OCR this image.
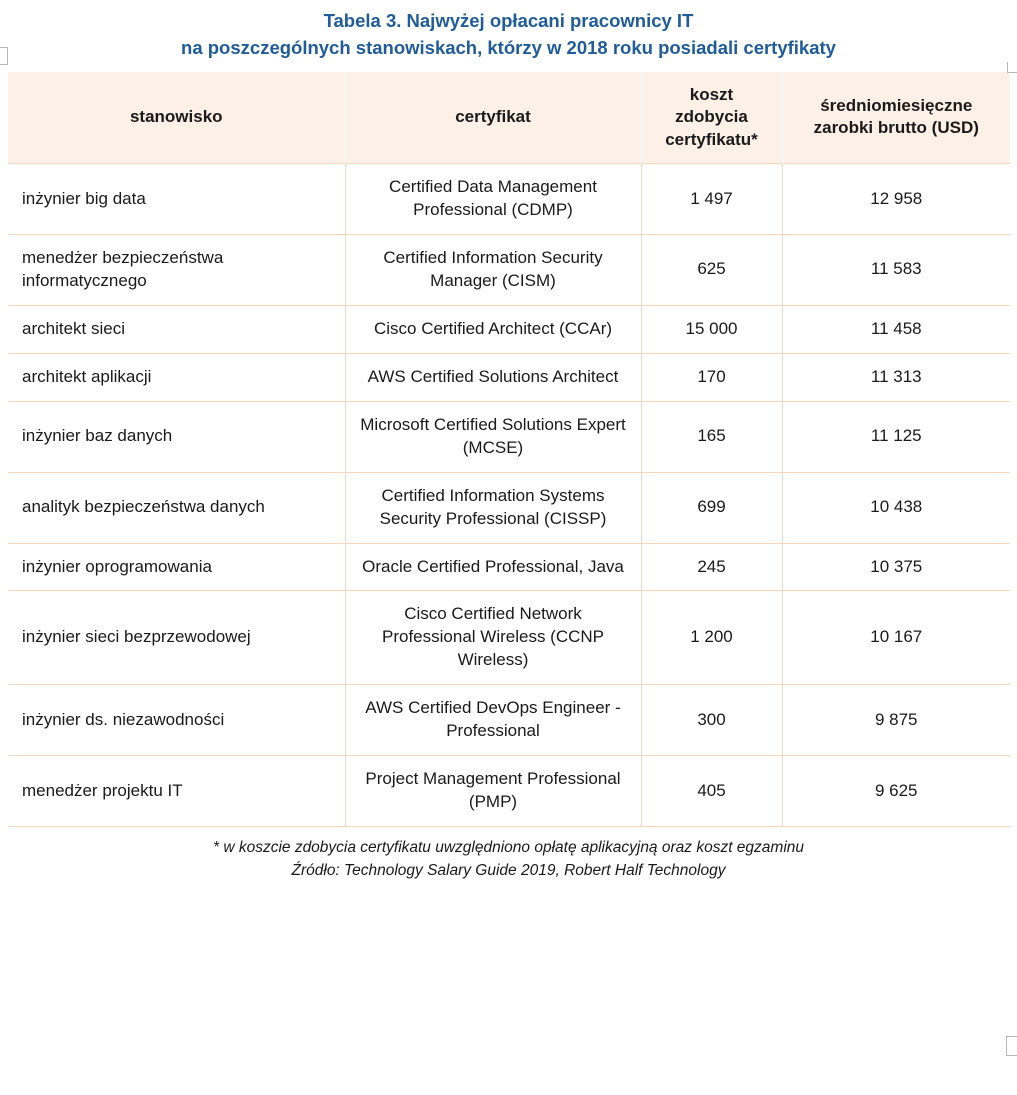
Tabela 3. Najwyżej opłacani pracownicy IT
na poszczególnych stanowiskach, którzy w 2018 roku posiadali certyfikaty
stanowisko	certyfikat	koszt zdobycia certyfikatu*	średniomiesięczne zarobki brutto (USD)
inżynier big data	Certified Data Management Professional (CDMP)	1 497	12 958
menedżer bezpieczeństwa informatycznego	Certified Information Security Manager (CISM)	625	11 583
architekt sieci	Cisco Certified Architect (CCAr)	15 000	11 458
architekt aplikacji	AWS Certified Solutions Architect	170	11 313
inżynier baz danych	Microsoft Certified Solutions Expert (MCSE)	165	11 125
analityk bezpieczeństwa danych	Certified Information Systems Security Professional (CISSP)	699	10 438
inżynier oprogramowania	Oracle Certified Professional, Java	245	10 375
inżynier sieci bezprzewodowej	Cisco Certified Network Professional Wireless (CCNP Wireless)	1 200	10 167
inżynier ds. niezawodności	AWS Certified DevOps Engineer - Professional	300	9 875
menedżer projektu IT	Project Management Professional (PMP)	405	9 625
* w koszcie zdobycia certyfikatu uwzględniono opłatę aplikacyjną oraz koszt egzaminu
Źródło: Technology Salary Guide 2019, Robert Half Technology
